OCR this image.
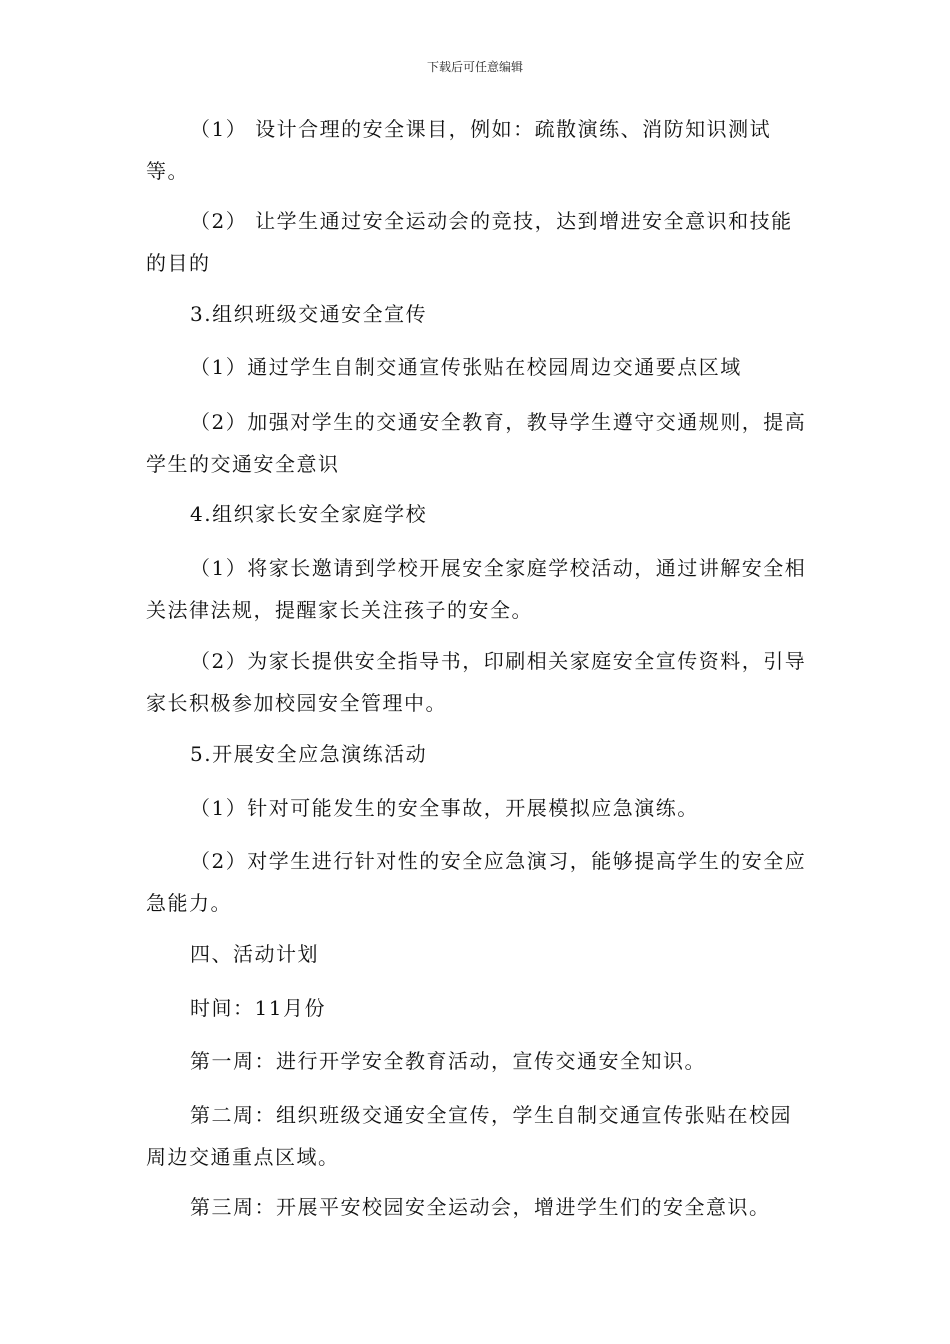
下载后可任意编辑

（1） 设计合理的安全课目，例如：疏散演练、消防知识测试等。

（2） 让学生通过安全运动会的竞技，达到增进安全意识和技能的目的

3.组织班级交通安全宣传

（1）通过学生自制交通宣传张贴在校园周边交通要点区域

（2）加强对学生的交通安全教育，教导学生遵守交通规则，提高学生的交通安全意识

4.组织家长安全家庭学校

（1）将家长邀请到学校开展安全家庭学校活动，通过讲解安全相关法律法规，提醒家长关注孩子的安全。

（2）为家长提供安全指导书，印刷相关家庭安全宣传资料，引导家长积极参加校园安全管理中。

5.开展安全应急演练活动

（1）针对可能发生的安全事故，开展模拟应急演练。

（2）对学生进行针对性的安全应急演习，能够提高学生的安全应急能力。

四、活动计划

时间：11月份

第一周：进行开学安全教育活动，宣传交通安全知识。

第二周：组织班级交通安全宣传，学生自制交通宣传张贴在校园周边交通重点区域。

第三周：开展平安校园安全运动会，增进学生们的安全意识。
